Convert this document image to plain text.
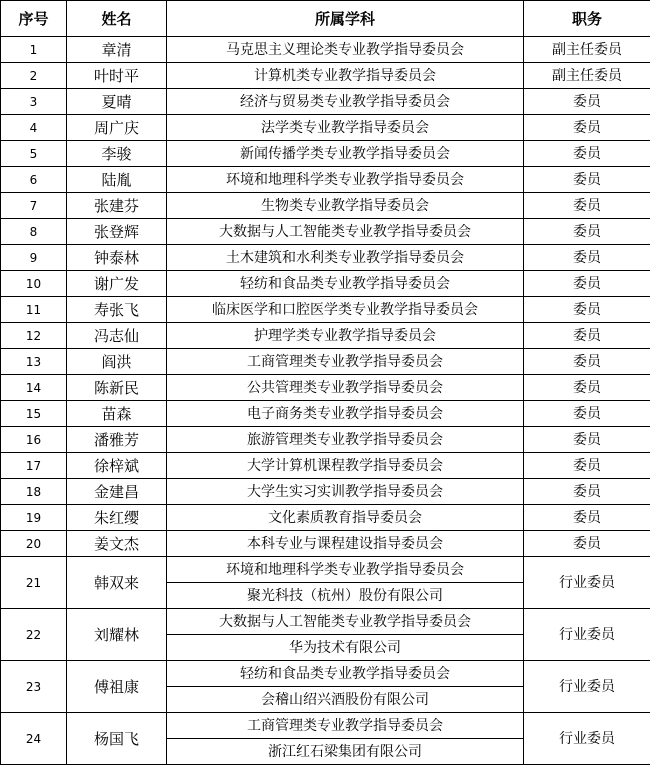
序号	姓名	所属学科	职务
1	章清	马克思主义理论类专业教学指导委员会	副主任委员
2	叶时平	计算机类专业教学指导委员会	副主任委员
3	夏晴	经济与贸易类专业教学指导委员会	委员
4	周广庆	法学类专业教学指导委员会	委员
5	李骏	新闻传播学类专业教学指导委员会	委员
6	陆胤	环境和地理科学类专业教学指导委员会	委员
7	张建芬	生物类专业教学指导委员会	委员
8	张登辉	大数据与人工智能类专业教学指导委员会	委员
9	钟泰林	土木建筑和水利类专业教学指导委员会	委员
10	谢广发	轻纺和食品类专业教学指导委员会	委员
11	寿张飞	临床医学和口腔医学类专业教学指导委员会	委员
12	冯志仙	护理学类专业教学指导委员会	委员
13	阎洪	工商管理类专业教学指导委员会	委员
14	陈新民	公共管理类专业教学指导委员会	委员
15	苗森	电子商务类专业教学指导委员会	委员
16	潘雅芳	旅游管理类专业教学指导委员会	委员
17	徐梓斌	大学计算机课程教学指导委员会	委员
18	金建昌	大学生实习实训教学指导委员会	委员
19	朱红缨	文化素质教育指导委员会	委员
20	姜文杰	本科专业与课程建设指导委员会	委员
21	韩双来	环境和地理科学类专业教学指导委员会	行业委员
		聚光科技（杭州）股份有限公司	
22	刘耀林	大数据与人工智能类专业教学指导委员会	行业委员
		华为技术有限公司	
23	傅祖康	轻纺和食品类专业教学指导委员会	行业委员
		会稽山绍兴酒股份有限公司	
24	杨国飞	工商管理类专业教学指导委员会	行业委员
		浙江红石梁集团有限公司	
